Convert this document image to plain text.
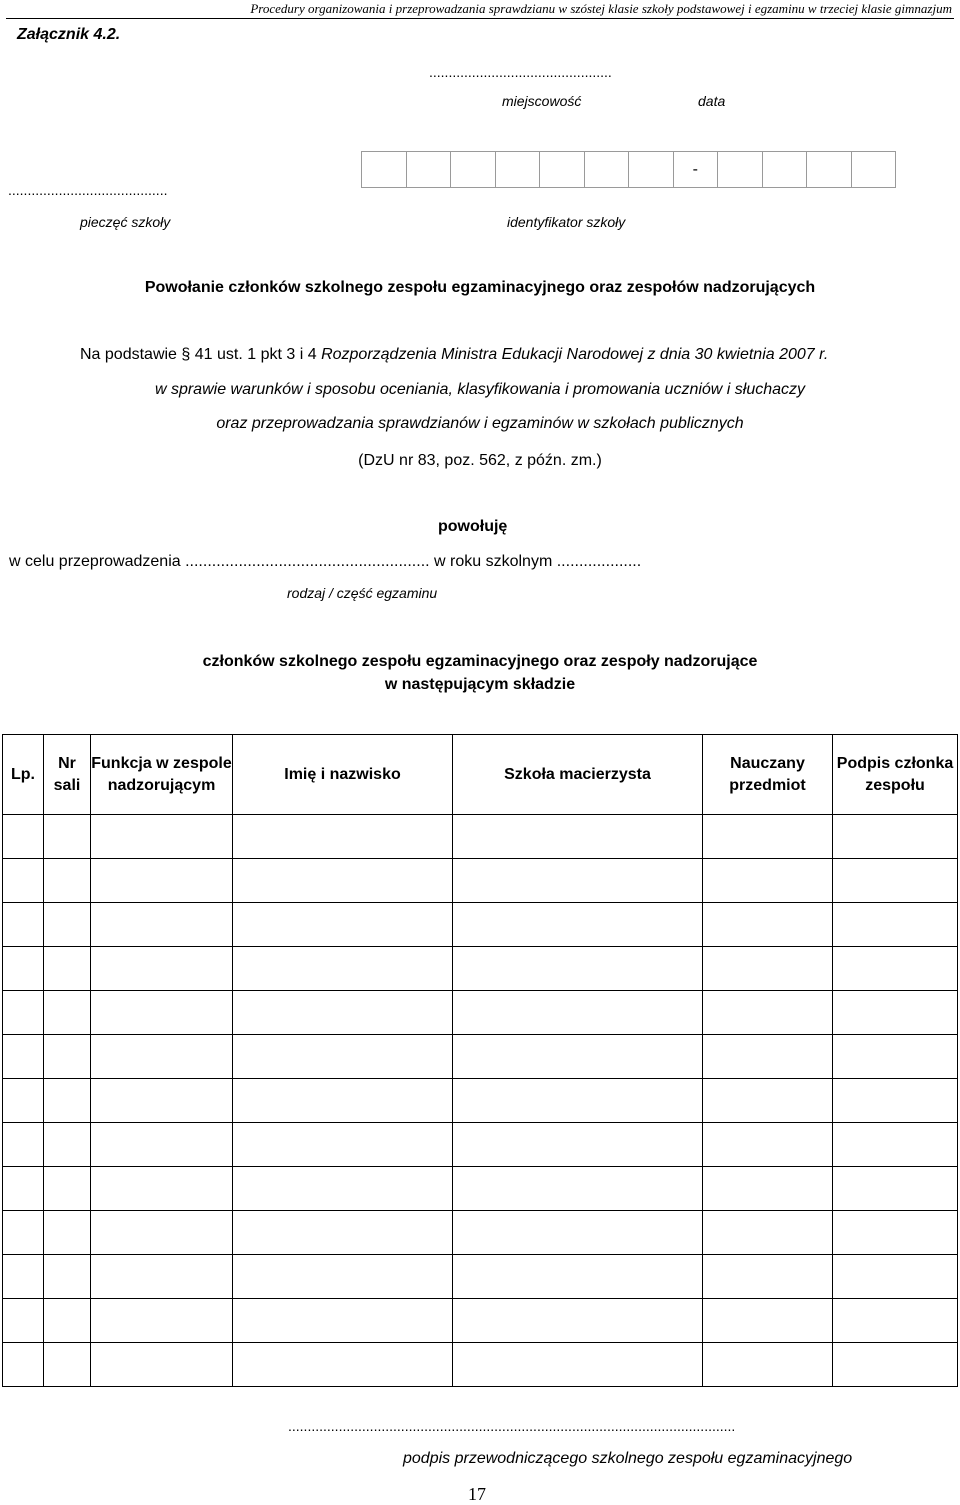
Procedury organizowania i przeprowadzania sprawdzianu w szóstej klasie szkoły podstawowej i egzaminu w trzeciej klasie gimnazjum
Załącznik 4.2.
...............................................
miejscowość	data
.........................................
pieczęć szkoły
-
identyfikator szkoły
Powołanie członków szkolnego zespołu egzaminacyjnego oraz zespołów nadzorujących
Na podstawie § 41 ust. 1 pkt 3 i 4 Rozporządzenia Ministra Edukacji Narodowej z dnia 30 kwietnia 2007 r.
w sprawie warunków i sposobu oceniania, klasyfikowania i promowania uczniów i słuchaczy
oraz przeprowadzania sprawdzianów i egzaminów w szkołach publicznych
(DzU nr 83, poz. 562, z późn. zm.)
powołuję
w celu przeprowadzenia ....................................................... w roku szkolnym ...................
rodzaj / część egzaminu
członków szkolnego zespołu egzaminacyjnego oraz zespoły nadzorujące
w następującym składzie
Lp.	Nr sali	Funkcja w zespole nadzorującym	Imię i nazwisko	Szkoła macierzysta	Nauczany przedmiot	Podpis członka zespołu

...................................................................................................................
podpis przewodniczącego szkolnego zespołu egzaminacyjnego
17
